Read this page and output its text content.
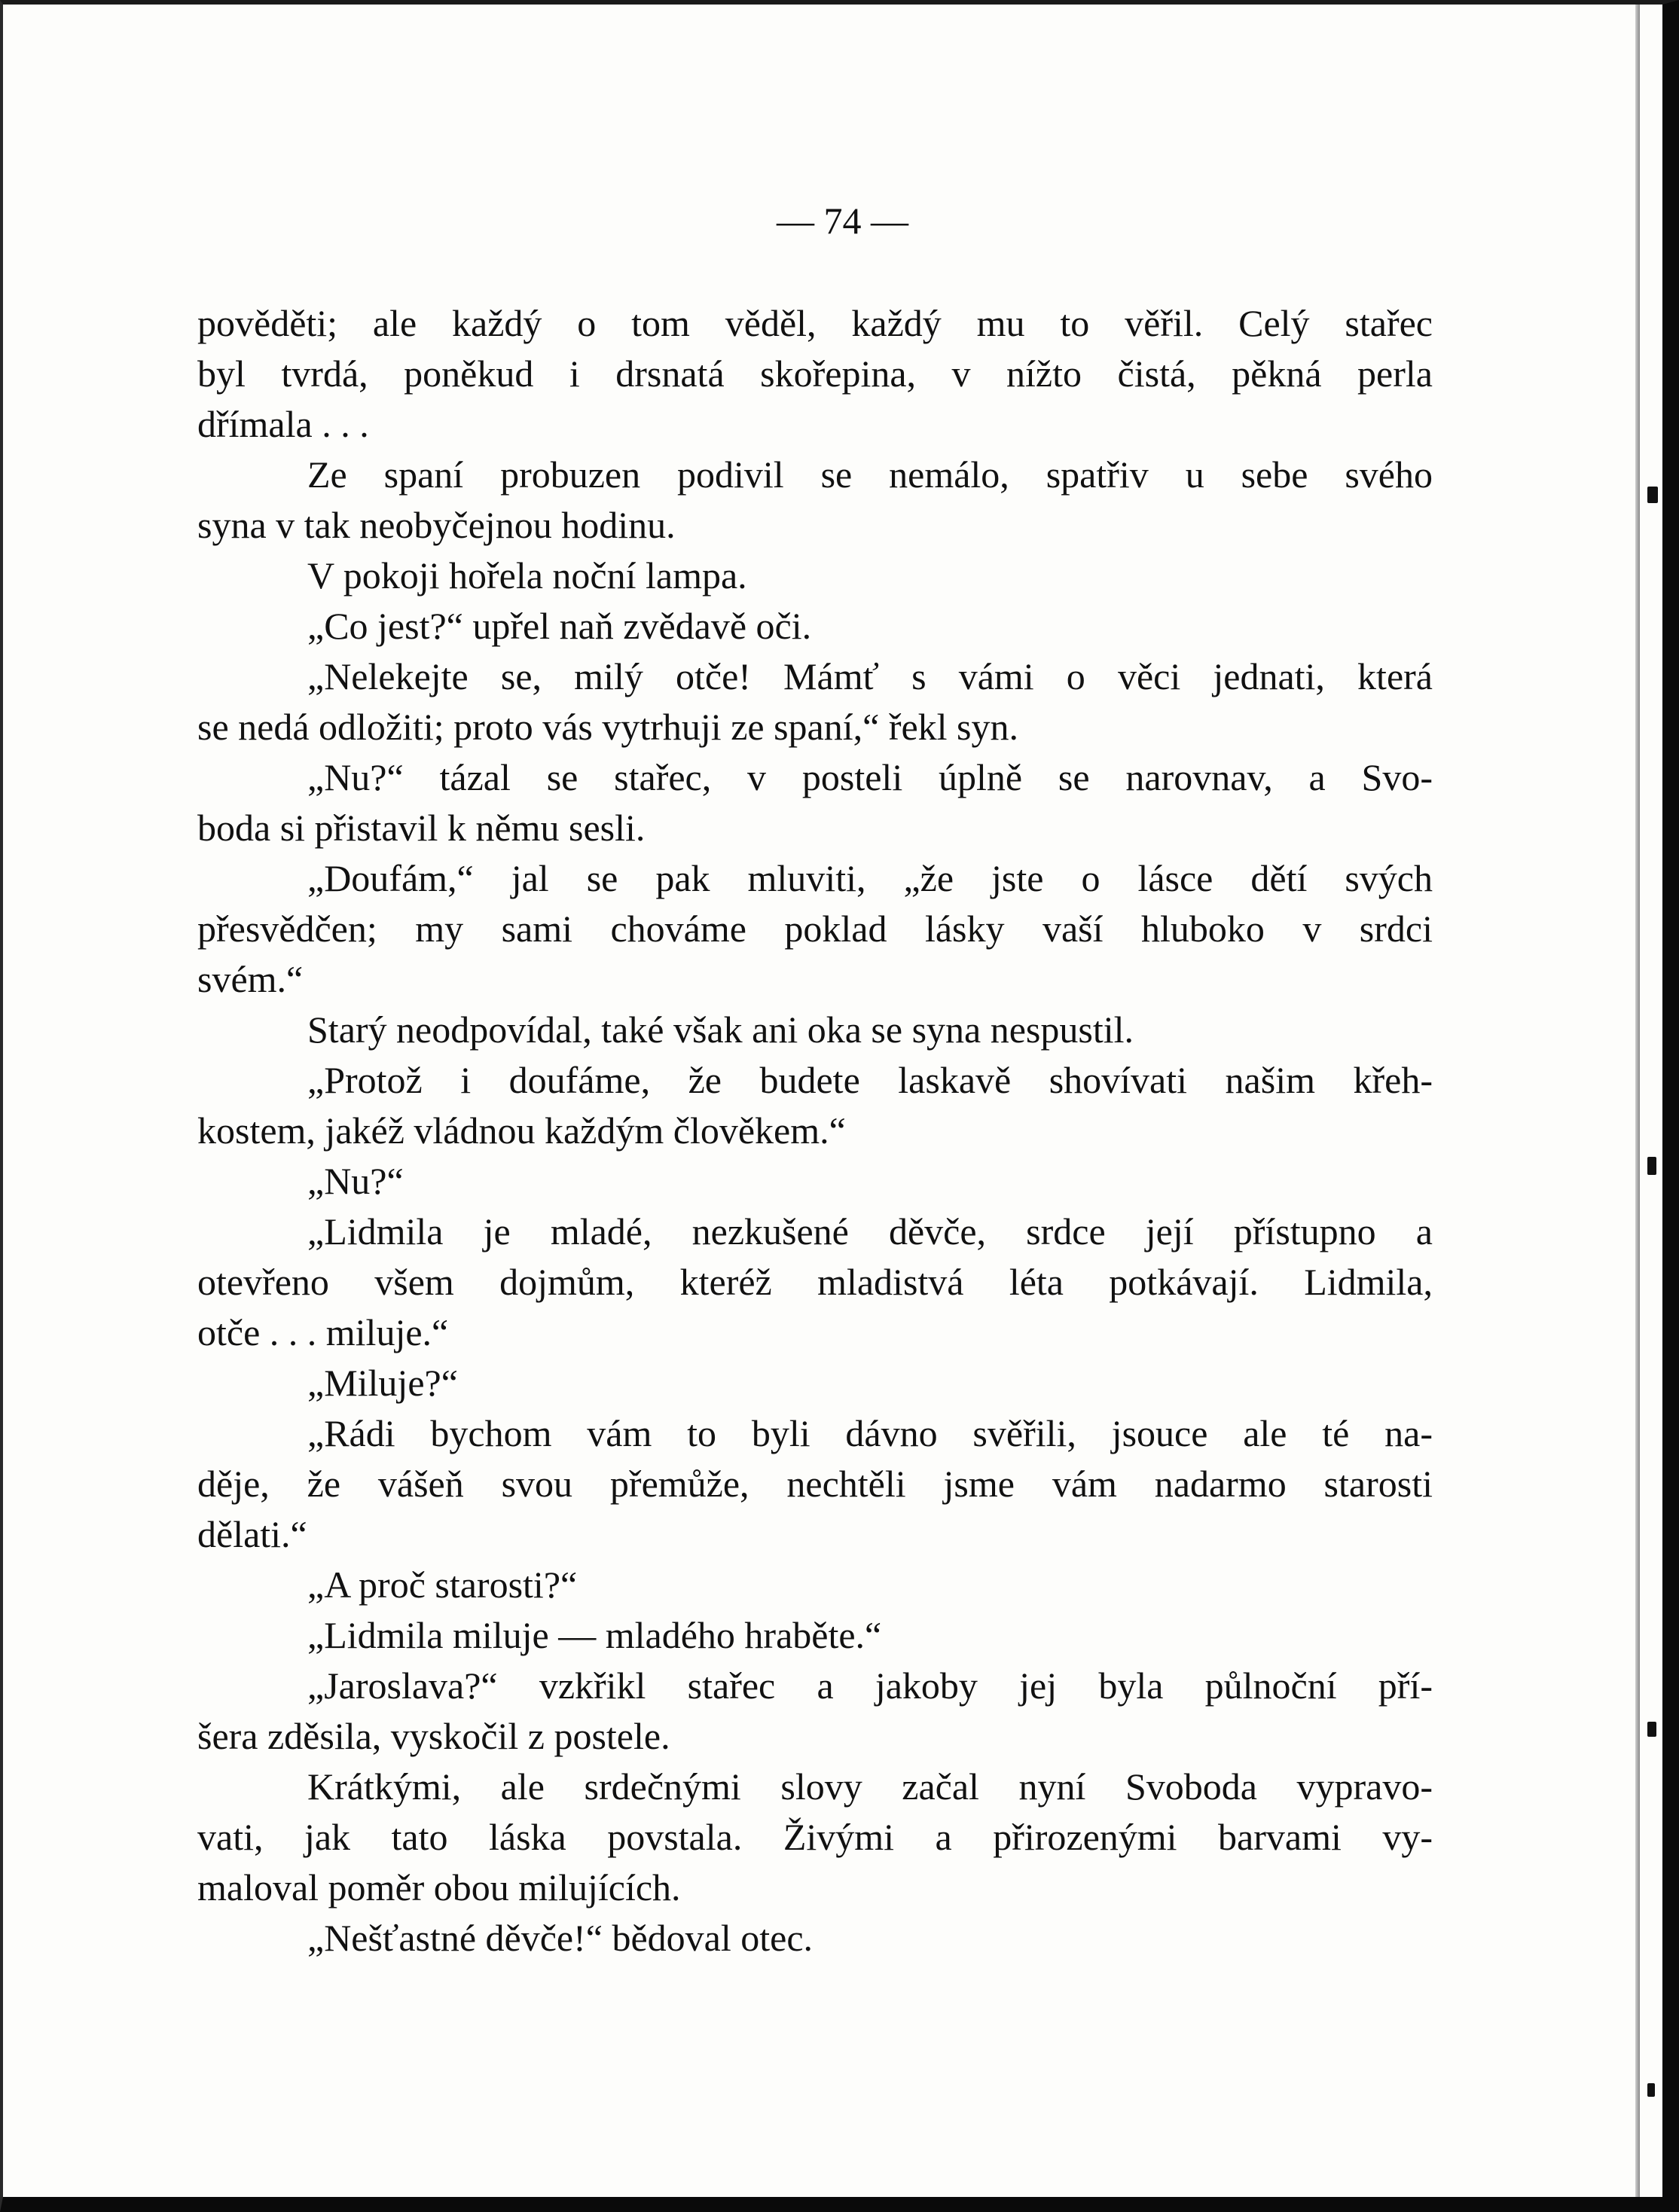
— 74 —
pověděti; ale každý o tom věděl, každý mu to věřil. Celý stařec
byl tvrdá, poněkud i drsnatá skořepina, v nížto čistá, pěkná perla
dřímala . . .
Ze spaní probuzen podivil se nemálo, spatřiv u sebe svého
syna v tak neobyčejnou hodinu.
V pokoji hořela noční lampa.
„Co jest?“ upřel naň zvědavě oči.
„Nelekejte se, milý otče! Mámť s vámi o věci jednati, která
se nedá odložiti; proto vás vytrhuji ze spaní,“ řekl syn.
„Nu?“ tázal se stařec, v posteli úplně se narovnav, a Svo-
boda si přistavil k němu sesli.
„Doufám,“ jal se pak mluviti, „že jste o lásce dětí svých
přesvědčen; my sami chováme poklad lásky vaší hluboko v srdci
svém.“
Starý neodpovídal, také však ani oka se syna nespustil.
„Protož i doufáme, že budete laskavě shovívati našim křeh-
kostem, jakéž vládnou každým člověkem.“
„Nu?“
„Lidmila je mladé, nezkušené děvče, srdce její přístupno a
otevřeno všem dojmům, kteréž mladistvá léta potkávají. Lidmila,
otče . . . miluje.“
„Miluje?“
„Rádi bychom vám to byli dávno svěřili, jsouce ale té na-
děje, že vášeň svou přemůže, nechtěli jsme vám nadarmo starosti
dělati.“
„A proč starosti?“
„Lidmila miluje — mladého hraběte.“
„Jaroslava?“ vzkřikl stařec a jakoby jej byla půlnoční pří-
šera zděsila, vyskočil z postele.
Krátkými, ale srdečnými slovy začal nyní Svoboda vypravo-
vati, jak tato láska povstala. Živými a přirozenými barvami vy-
maloval poměr obou milujících.
„Nešťastné děvče!“ bědoval otec.
